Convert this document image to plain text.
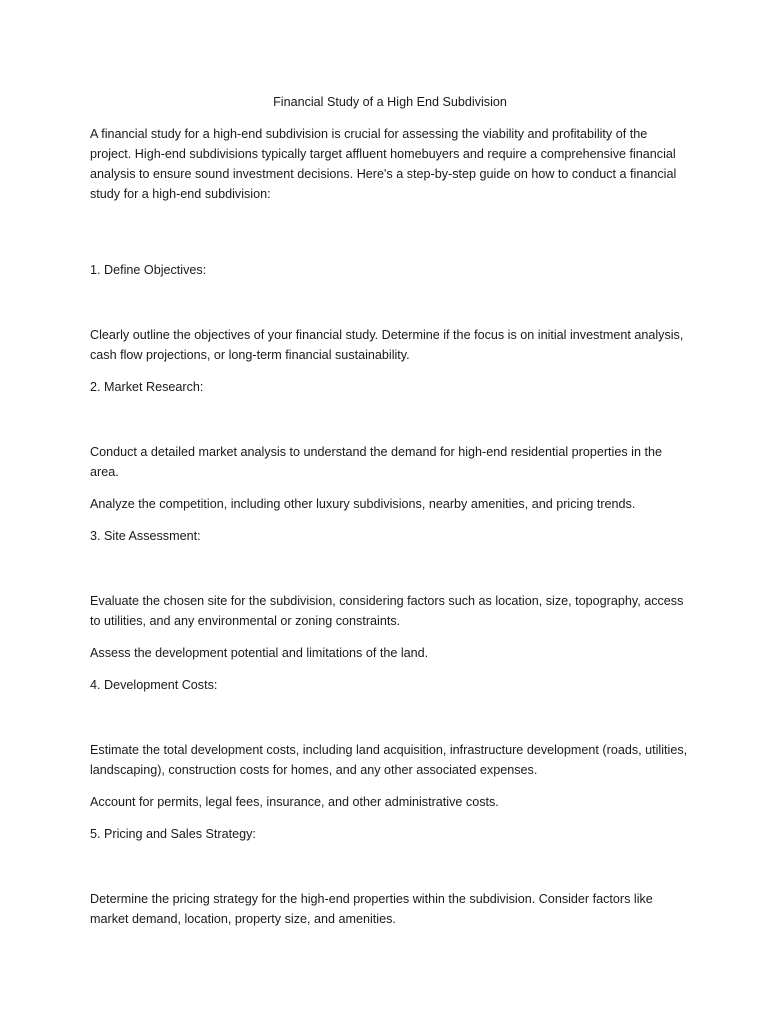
Financial Study of a High End Subdivision

A financial study for a high-end subdivision is crucial for assessing the viability and profitability of the project. High-end subdivisions typically target affluent homebuyers and require a comprehensive financial analysis to ensure sound investment decisions. Here's a step-by-step guide on how to conduct a financial study for a high-end subdivision:

1. Define Objectives:

Clearly outline the objectives of your financial study. Determine if the focus is on initial investment analysis, cash flow projections, or long-term financial sustainability.

2. Market Research:

Conduct a detailed market analysis to understand the demand for high-end residential properties in the area.

Analyze the competition, including other luxury subdivisions, nearby amenities, and pricing trends.

3. Site Assessment:

Evaluate the chosen site for the subdivision, considering factors such as location, size, topography, access to utilities, and any environmental or zoning constraints.

Assess the development potential and limitations of the land.

4. Development Costs:

Estimate the total development costs, including land acquisition, infrastructure development (roads, utilities, landscaping), construction costs for homes, and any other associated expenses.

Account for permits, legal fees, insurance, and other administrative costs.

5. Pricing and Sales Strategy:

Determine the pricing strategy for the high-end properties within the subdivision. Consider factors like market demand, location, property size, and amenities.
